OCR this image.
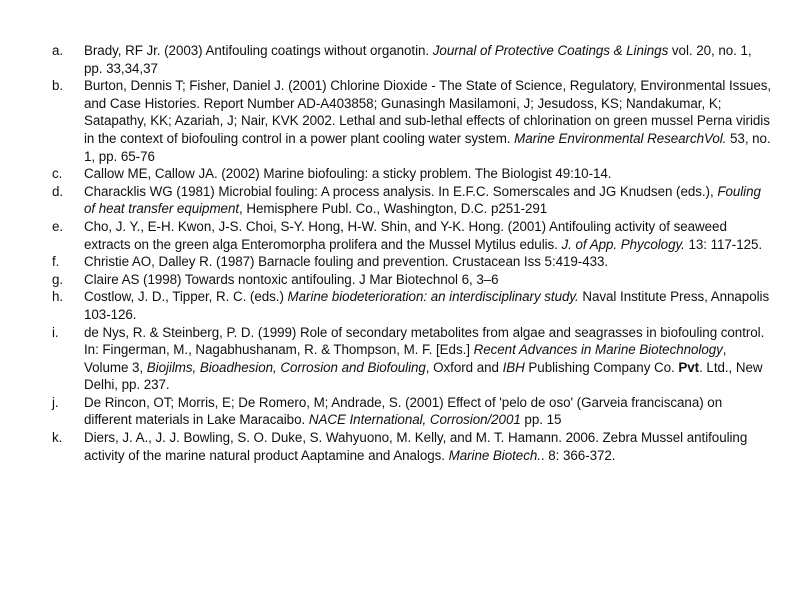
a. Brady, RF Jr. (2003) Antifouling coatings without organotin. Journal of Protective Coatings & Linings vol. 20, no. 1, pp. 33,34,37
b. Burton, Dennis T; Fisher, Daniel J. (2001) Chlorine Dioxide - The State of Science, Regulatory, Environmental Issues, and Case Histories. Report Number AD-A403858; Gunasingh Masilamoni, J; Jesudoss, KS; Nandakumar, K; Satapathy, KK; Azariah, J; Nair, KVK 2002. Lethal and sub-lethal effects of chlorination on green mussel Perna viridis in the context of biofouling control in a power plant cooling water system. Marine Environmental ResearchVol. 53, no. 1, pp. 65-76
c. Callow ME, Callow JA. (2002) Marine biofouling: a sticky problem. The Biologist 49:10-14.
d. Characklis WG (1981) Microbial fouling: A process analysis. In E.F.C. Somerscales and JG Knudsen (eds.), Fouling of heat transfer equipment, Hemisphere Publ. Co., Washington, D.C. p251-291
e. Cho, J. Y., E-H. Kwon, J-S. Choi, S-Y. Hong, H-W. Shin, and Y-K. Hong. (2001) Antifouling activity of seaweed extracts on the green alga Enteromorpha prolifera and the Mussel Mytilus edulis. J. of App. Phycology. 13: 117-125.
f. Christie AO, Dalley R. (1987) Barnacle fouling and prevention. Crustacean Iss 5:419-433.
g. Claire AS (1998) Towards nontoxic antifouling. J Mar Biotechnol 6, 3–6
h. Costlow, J. D., Tipper, R. C. (eds.) Marine biodeterioration: an interdisciplinary study. Naval Institute Press, Annapolis 103-126.
i. de Nys, R. & Steinberg, P. D. (1999) Role of secondary metabolites from algae and seagrasses in biofouling control. In: Fingerman, M., Nagabhushanam, R. & Thompson, M. F. [Eds.] Recent Advances in Marine Biotechnology, Volume 3, Biojilms, Bioadhesion, Corrosion and Biofouling, Oxford and IBH Publishing Company Co. Pvt. Ltd., New Delhi, pp. 237.
j. De Rincon, OT; Morris, E; De Romero, M; Andrade, S. (2001) Effect of 'pelo de oso' (Garveia franciscana) on different materials in Lake Maracaibo. NACE International, Corrosion/2001 pp. 15
k. Diers, J. A., J. J. Bowling, S. O. Duke, S. Wahyuono, M. Kelly, and M. T. Hamann. 2006. Zebra Mussel antifouling activity of the marine natural product Aaptamine and Analogs. Marine Biotech.. 8: 366-372.
